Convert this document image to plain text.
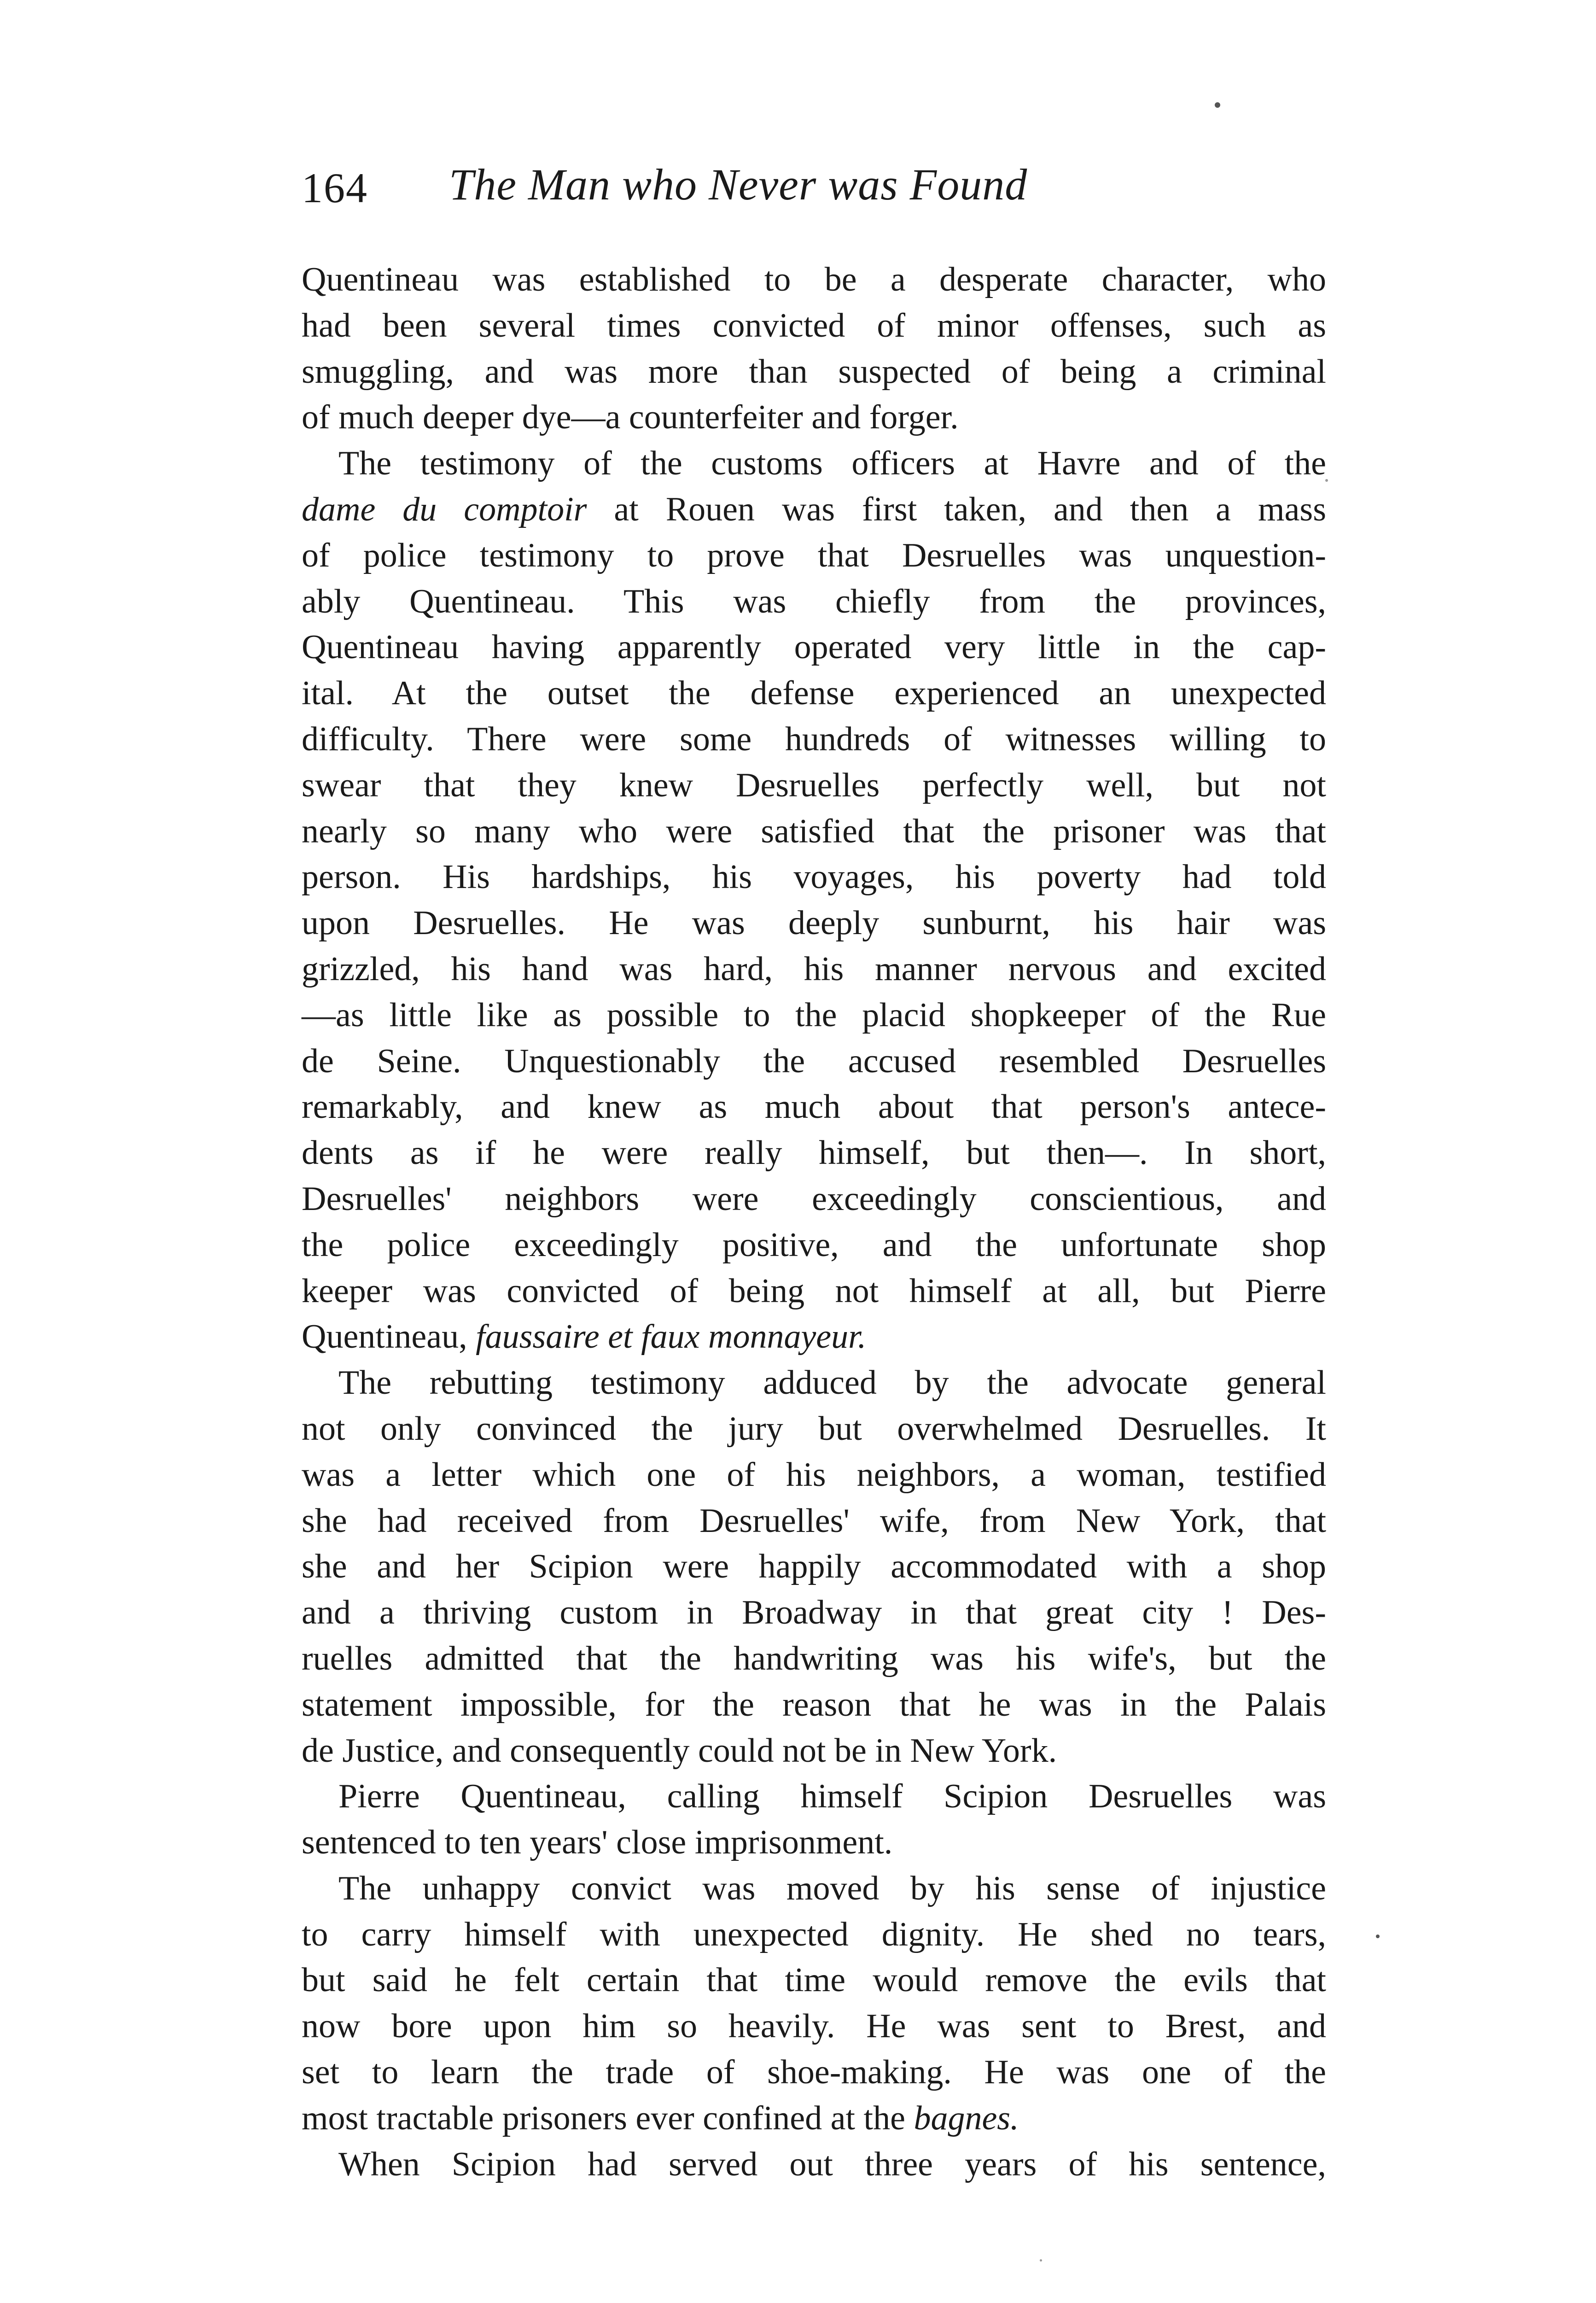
164 The Man who Never was Found
Quentineau was established to be a desperate character, who
had been several times convicted of minor offenses, such as
smuggling, and was more than suspected of being a criminal
of much deeper dye—a counterfeiter and forger.
The testimony of the customs officers at Havre and of the
dame du comptoir at Rouen was first taken, and then a mass
of police testimony to prove that Desruelles was unquestion-
ably Quentineau. This was chiefly from the provinces,
Quentineau having apparently operated very little in the cap-
ital. At the outset the defense experienced an unexpected
difficulty. There were some hundreds of witnesses willing to
swear that they knew Desruelles perfectly well, but not
nearly so many who were satisfied that the prisoner was that
person. His hardships, his voyages, his poverty had told
upon Desruelles. He was deeply sunburnt, his hair was
grizzled, his hand was hard, his manner nervous and excited
—as little like as possible to the placid shopkeeper of the Rue
de Seine. Unquestionably the accused resembled Desruelles
remarkably, and knew as much about that person's antece-
dents as if he were really himself, but then—. In short,
Desruelles' neighbors were exceedingly conscientious, and
the police exceedingly positive, and the unfortunate shop
keeper was convicted of being not himself at all, but Pierre
Quentineau, faussaire et faux monnayeur.
The rebutting testimony adduced by the advocate general
not only convinced the jury but overwhelmed Desruelles. It
was a letter which one of his neighbors, a woman, testified
she had received from Desruelles' wife, from New York, that
she and her Scipion were happily accommodated with a shop
and a thriving custom in Broadway in that great city ! Des-
ruelles admitted that the handwriting was his wife's, but the
statement impossible, for the reason that he was in the Palais
de Justice, and consequently could not be in New York.
Pierre Quentineau, calling himself Scipion Desruelles was
sentenced to ten years' close imprisonment.
The unhappy convict was moved by his sense of injustice
to carry himself with unexpected dignity. He shed no tears,
but said he felt certain that time would remove the evils that
now bore upon him so heavily. He was sent to Brest, and
set to learn the trade of shoe-making. He was one of the
most tractable prisoners ever confined at the bagnes.
When Scipion had served out three years of his sentence,
